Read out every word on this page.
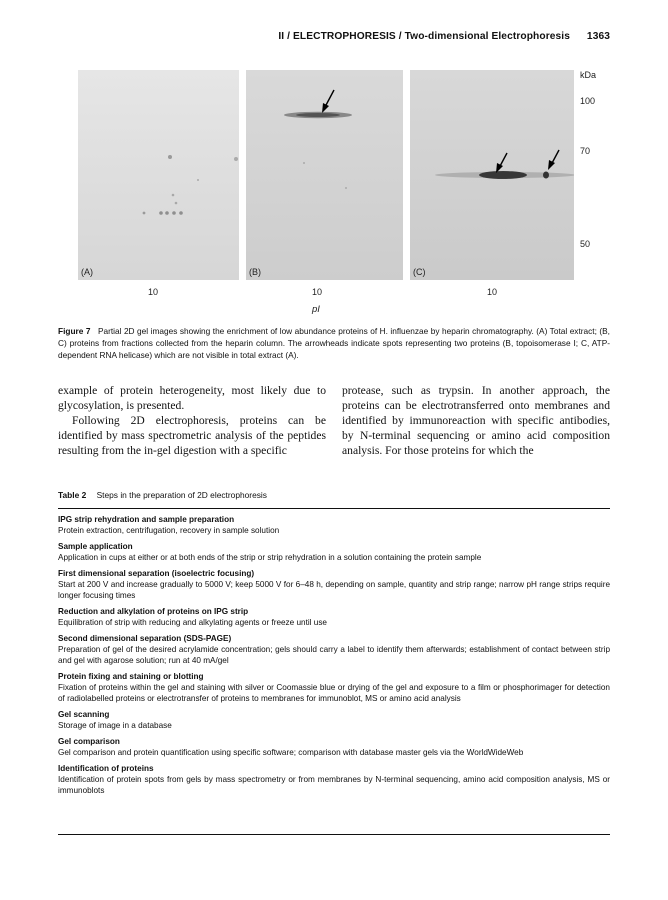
II / ELECTROPHORESIS / Two-dimensional Electrophoresis 1363
(A)	(B)	(C)
kDa
100
70
50
10	10	10
pI
Figure 7 Partial 2D gel images showing the enrichment of low abundance proteins of H. influenzae by heparin chromatography. (A) Total extract; (B, C) proteins from fractions collected from the heparin column. The arrowheads indicate spots representing two proteins (B, topoisomerase I; C, ATP-dependent RNA helicase) which are not visible in total extract (A).

example of protein heterogeneity, most likely due to glycosylation, is presented.

Following 2D electrophoresis, proteins can be identified by mass spectrometric analysis of the peptides resulting from the in-gel digestion with a specific

protease, such as trypsin. In another approach, the proteins can be electrotransferred onto membranes and identified by immunoreaction with specific antibodies, by N-terminal sequencing or amino acid composition analysis. For those proteins for which the

Table 2 Steps in the preparation of 2D electrophoresis
IPG strip rehydration and sample preparation
Protein extraction, centrifugation, recovery in sample solution
Sample application
Application in cups at either or at both ends of the strip or strip rehydration in a solution containing the protein sample
First dimensional separation (isoelectric focusing)
Start at 200 V and increase gradually to 5000 V; keep 5000 V for 6–48 h, depending on sample, quantity and strip range; narrow pH range strips require longer focusing times
Reduction and alkylation of proteins on IPG strip
Equilibration of strip with reducing and alkylating agents or freeze until use
Second dimensional separation (SDS-PAGE)
Preparation of gel of the desired acrylamide concentration; gels should carry a label to identify them afterwards; establishment of contact between strip and gel with agarose solution; run at 40 mA/gel
Protein fixing and staining or blotting
Fixation of proteins within the gel and staining with silver or Coomassie blue or drying of the gel and exposure to a film or phosphorimager for detection of radiolabelled proteins or electrotransfer of proteins to membranes for immunoblot, MS or amino acid analysis
Gel scanning
Storage of image in a database
Gel comparison
Gel comparison and protein quantification using specific software; comparison with database master gels via the WorldWideWeb
Identification of proteins
Identification of protein spots from gels by mass spectrometry or from membranes by N-terminal sequencing, amino acid composition analysis, MS or immunoblots
